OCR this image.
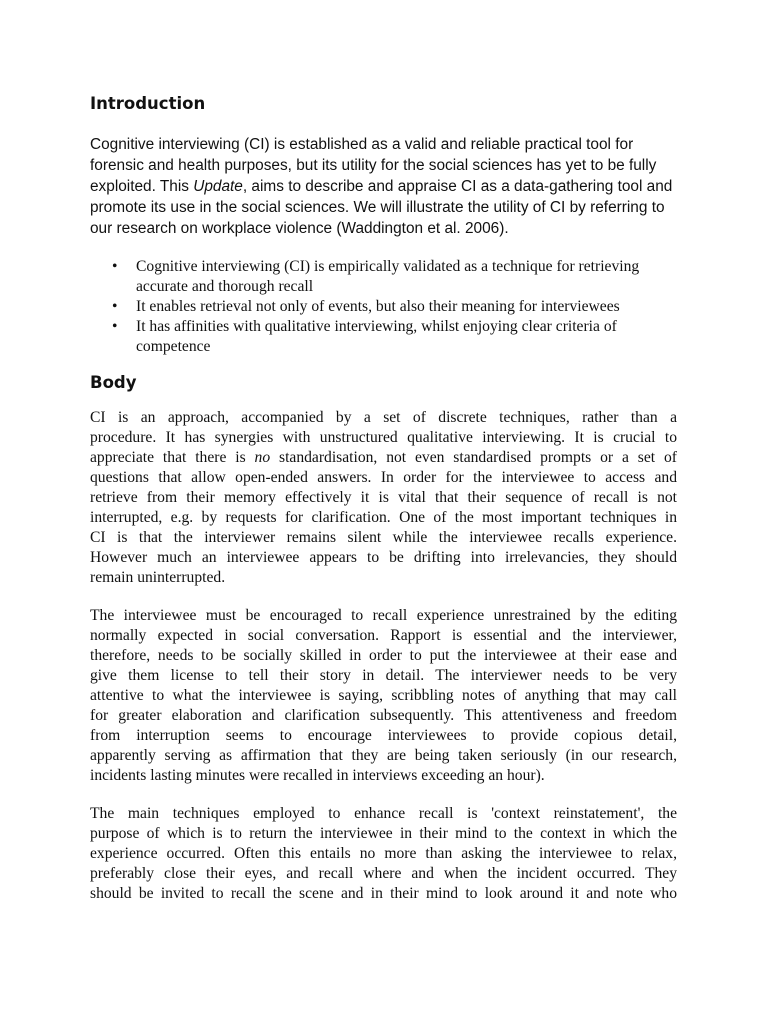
Introduction

Cognitive interviewing (CI) is established as a valid and reliable practical tool for forensic and health purposes, but its utility for the social sciences has yet to be fully exploited. This Update, aims to describe and appraise CI as a data-gathering tool and promote its use in the social sciences. We will illustrate the utility of CI by referring to our research on workplace violence (Waddington et al. 2006).

• Cognitive interviewing (CI) is empirically validated as a technique for retrieving accurate and thorough recall
• It enables retrieval not only of events, but also their meaning for interviewees
• It has affinities with qualitative interviewing, whilst enjoying clear criteria of competence
Body

CI is an approach, accompanied by a set of discrete techniques, rather than a
procedure. It has synergies with unstructured qualitative interviewing. It is crucial to
appreciate that there is no standardisation, not even standardised prompts or a set of
questions that allow open-ended answers. In order for the interviewee to access and
retrieve from their memory effectively it is vital that their sequence of recall is not
interrupted, e.g. by requests for clarification. One of the most important techniques in
CI is that the interviewer remains silent while the interviewee recalls experience.
However much an interviewee appears to be drifting into irrelevancies, they should
remain uninterrupted.

The interviewee must be encouraged to recall experience unrestrained by the editing
normally expected in social conversation. Rapport is essential and the interviewer,
therefore, needs to be socially skilled in order to put the interviewee at their ease and
give them license to tell their story in detail. The interviewer needs to be very
attentive to what the interviewee is saying, scribbling notes of anything that may call
for greater elaboration and clarification subsequently. This attentiveness and freedom
from interruption seems to encourage interviewees to provide copious detail,
apparently serving as affirmation that they are being taken seriously (in our research,
incidents lasting minutes were recalled in interviews exceeding an hour).

The main techniques employed to enhance recall is 'context reinstatement', the
purpose of which is to return the interviewee in their mind to the context in which the
experience occurred. Often this entails no more than asking the interviewee to relax,
preferably close their eyes, and recall where and when the incident occurred. They
should be invited to recall the scene and in their mind to look around it and note who
